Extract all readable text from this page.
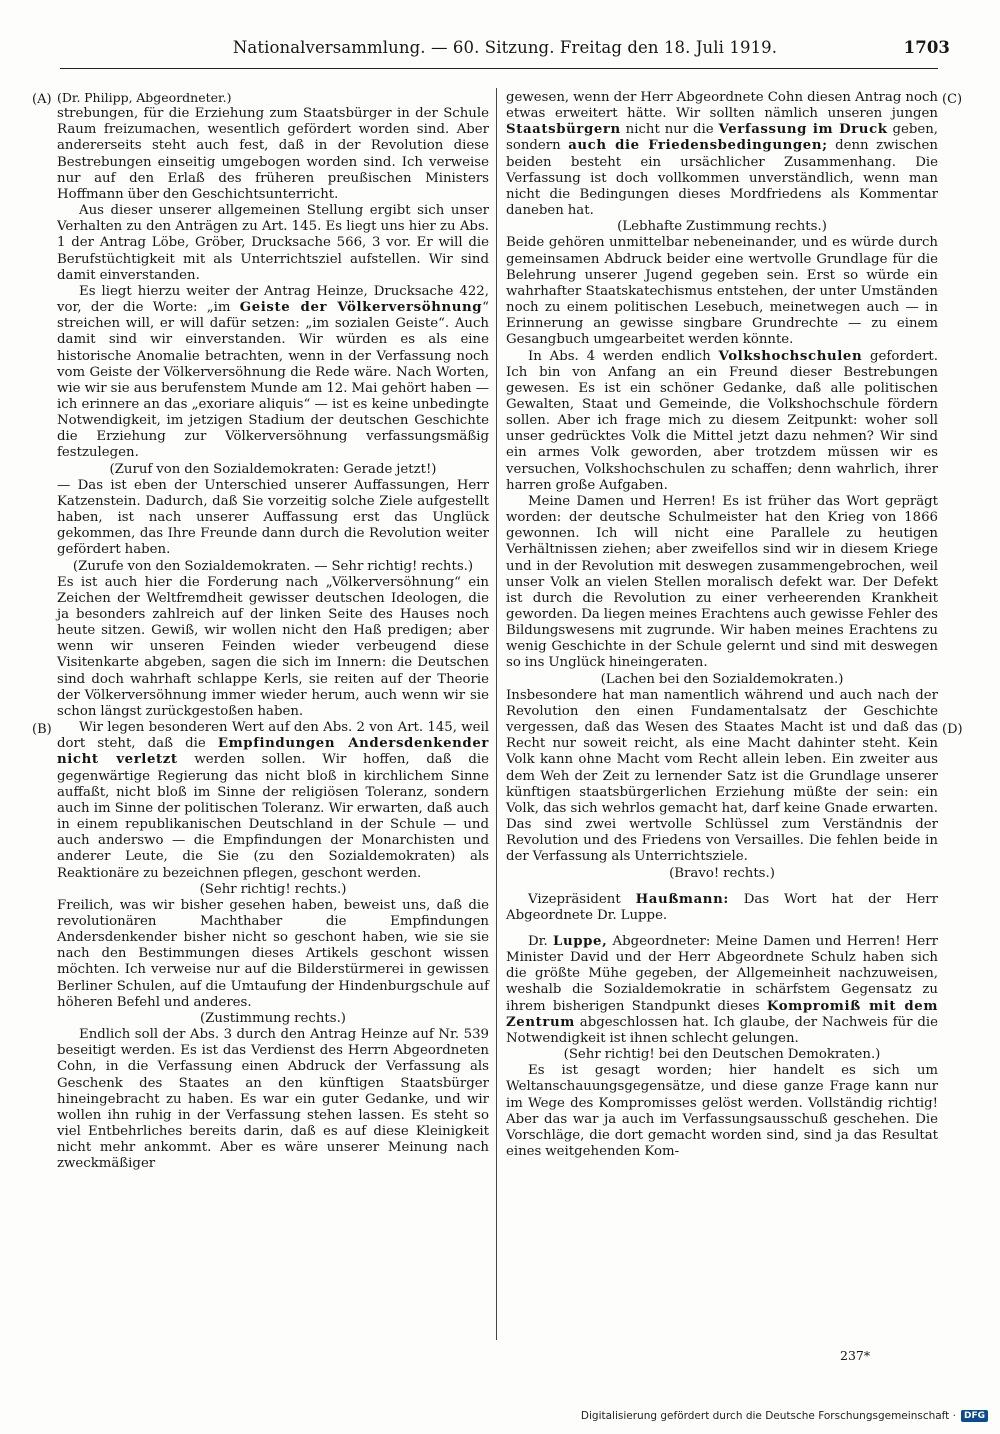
Nationalversammlung. — 60. Sitzung. Freitag den 18. Juli 1919.	1703
(A)
(B)
(C)
(D)

(Dr. Philipp, Abgeordneter.)

strebungen, für die Erziehung zum Staatsbürger in der Schule Raum freizumachen, wesentlich gefördert worden sind. Aber andererseits steht auch fest, daß in der Revolution diese Bestrebungen einseitig umgebogen worden sind. Ich verweise nur auf den Erlaß des früheren preußischen Ministers Hoffmann über den Geschichtsunterricht.

Aus dieser unserer allgemeinen Stellung ergibt sich unser Verhalten zu den Anträgen zu Art. 145. Es liegt uns hier zu Abs. 1 der Antrag Löbe, Gröber, Drucksache 566, 3 vor. Er will die Berufstüchtigkeit mit als Unterrichtsziel aufstellen. Wir sind damit einverstanden.

Es liegt hierzu weiter der Antrag Heinze, Drucksache 422, vor, der die Worte: „im Geiste der Völkerversöhnung“ streichen will, er will dafür setzen: „im sozialen Geiste“. Auch damit sind wir einverstanden. Wir würden es als eine historische Anomalie betrachten, wenn in der Verfassung noch vom Geiste der Völkerversöhnung die Rede wäre. Nach Worten, wie wir sie aus berufenstem Munde am 12. Mai gehört haben — ich erinnere an das „exoriare aliquis“ — ist es keine unbedingte Notwendigkeit, im jetzigen Stadium der deutschen Geschichte die Erziehung zur Völkerversöhnung verfassungsmäßig festzulegen.

(Zuruf von den Sozialdemokraten: Gerade jetzt!)

— Das ist eben der Unterschied unserer Auffassungen, Herr Katzenstein. Dadurch, daß Sie vorzeitig solche Ziele aufgestellt haben, ist nach unserer Auffassung erst das Unglück gekommen, das Ihre Freunde dann durch die Revolution weiter gefördert haben.

(Zurufe von den Sozialdemokraten. — Sehr richtig! rechts.)

Es ist auch hier die Forderung nach „Völkerversöhnung“ ein Zeichen der Weltfremdheit gewisser deutschen Ideologen, die ja besonders zahlreich auf der linken Seite des Hauses noch heute sitzen. Gewiß, wir wollen nicht den Haß predigen; aber wenn wir unseren Feinden wieder verbeugend diese Visitenkarte abgeben, sagen die sich im Innern: die Deutschen sind doch wahrhaft schlappe Kerls, sie reiten auf der Theorie der Völkerversöhnung immer wieder herum, auch wenn wir sie schon längst zurückgestoßen haben.

Wir legen besonderen Wert auf den Abs. 2 von Art. 145, weil dort steht, daß die Empfindungen Andersdenkender nicht verletzt werden sollen. Wir hoffen, daß die gegenwärtige Regierung das nicht bloß in kirchlichem Sinne auffaßt, nicht bloß im Sinne der religiösen Toleranz, sondern auch im Sinne der politischen Toleranz. Wir erwarten, daß auch in einem republikanischen Deutschland in der Schule — und auch anderswo — die Empfindungen der Monarchisten und anderer Leute, die Sie (zu den Sozialdemokraten) als Reaktionäre zu bezeichnen pflegen, geschont werden.

(Sehr richtig! rechts.)

Freilich, was wir bisher gesehen haben, beweist uns, daß die revolutionären Machthaber die Empfindungen Andersdenkender bisher nicht so geschont haben, wie sie sie nach den Bestimmungen dieses Artikels geschont wissen möchten. Ich verweise nur auf die Bilderstürmerei in gewissen Berliner Schulen, auf die Umtaufung der Hindenburgschule auf höheren Befehl und anderes.

(Zustimmung rechts.)

Endlich soll der Abs. 3 durch den Antrag Heinze auf Nr. 539 beseitigt werden. Es ist das Verdienst des Herrn Abgeordneten Cohn, in die Verfassung einen Abdruck der Verfassung als Geschenk des Staates an den künftigen Staatsbürger hineingebracht zu haben. Es war ein guter Gedanke, und wir wollen ihn ruhig in der Verfassung stehen lassen. Es steht so viel Entbehrliches bereits darin, daß es auf diese Kleinigkeit nicht mehr ankommt. Aber es wäre unserer Meinung nach zweckmäßiger

gewesen, wenn der Herr Abgeordnete Cohn diesen Antrag noch etwas erweitert hätte. Wir sollten nämlich unseren jungen Staatsbürgern nicht nur die Verfassung im Druck geben, sondern auch die Friedensbedingungen; denn zwischen beiden besteht ein ursächlicher Zusammenhang. Die Verfassung ist doch vollkommen unverständlich, wenn man nicht die Bedingungen dieses Mordfriedens als Kommentar daneben hat.

(Lebhafte Zustimmung rechts.)

Beide gehören unmittelbar nebeneinander, und es würde durch gemeinsamen Abdruck beider eine wertvolle Grundlage für die Belehrung unserer Jugend gegeben sein. Erst so würde ein wahrhafter Staatskatechismus entstehen, der unter Umständen noch zu einem politischen Lesebuch, meinetwegen auch — in Erinnerung an gewisse singbare Grundrechte — zu einem Gesangbuch umgearbeitet werden könnte.

In Abs. 4 werden endlich Volkshochschulen gefordert. Ich bin von Anfang an ein Freund dieser Bestrebungen gewesen. Es ist ein schöner Gedanke, daß alle politischen Gewalten, Staat und Gemeinde, die Volkshochschule fördern sollen. Aber ich frage mich zu diesem Zeitpunkt: woher soll unser gedrücktes Volk die Mittel jetzt dazu nehmen? Wir sind ein armes Volk geworden, aber trotzdem müssen wir es versuchen, Volkshochschulen zu schaffen; denn wahrlich, ihrer harren große Aufgaben.

Meine Damen und Herren! Es ist früher das Wort geprägt worden: der deutsche Schulmeister hat den Krieg von 1866 gewonnen. Ich will nicht eine Parallele zu heutigen Verhältnissen ziehen; aber zweifellos sind wir in diesem Kriege und in der Revolution mit deswegen zusammengebrochen, weil unser Volk an vielen Stellen moralisch defekt war. Der Defekt ist durch die Revolution zu einer verheerenden Krankheit geworden. Da liegen meines Erachtens auch gewisse Fehler des Bildungswesens mit zugrunde. Wir haben meines Erachtens zu wenig Geschichte in der Schule gelernt und sind mit deswegen so ins Unglück hineingeraten.

(Lachen bei den Sozialdemokraten.)

Insbesondere hat man namentlich während und auch nach der Revolution den einen Fundamentalsatz der Geschichte vergessen, daß das Wesen des Staates Macht ist und daß das Recht nur soweit reicht, als eine Macht dahinter steht. Kein Volk kann ohne Macht vom Recht allein leben. Ein zweiter aus dem Weh der Zeit zu lernender Satz ist die Grundlage unserer künftigen staatsbürgerlichen Erziehung müßte der sein: ein Volk, das sich wehrlos gemacht hat, darf keine Gnade erwarten. Das sind zwei wertvolle Schlüssel zum Verständnis der Revolution und des Friedens von Versailles. Die fehlen beide in der Verfassung als Unterrichtsziele.

(Bravo! rechts.)

Vizepräsident Haußmann: Das Wort hat der Herr Abgeordnete Dr. Luppe.

Dr. Luppe, Abgeordneter: Meine Damen und Herren! Herr Minister David und der Herr Abgeordnete Schulz haben sich die größte Mühe gegeben, der Allgemeinheit nachzuweisen, weshalb die Sozialdemokratie in schärfstem Gegensatz zu ihrem bisherigen Standpunkt dieses Kompromiß mit dem Zentrum abgeschlossen hat. Ich glaube, der Nachweis für die Notwendigkeit ist ihnen schlecht gelungen.

(Sehr richtig! bei den Deutschen Demokraten.)

Es ist gesagt worden; hier handelt es sich um Weltanschauungsgegensätze, und diese ganze Frage kann nur im Wege des Kompromisses gelöst werden. Vollständig richtig! Aber das war ja auch im Verfassungsausschuß geschehen. Die Vorschläge, die dort gemacht worden sind, sind ja das Resultat eines weitgehenden Kom-

237*
Digitalisierung gefördert durch die Deutsche Forschungsgemeinschaft · DFG
